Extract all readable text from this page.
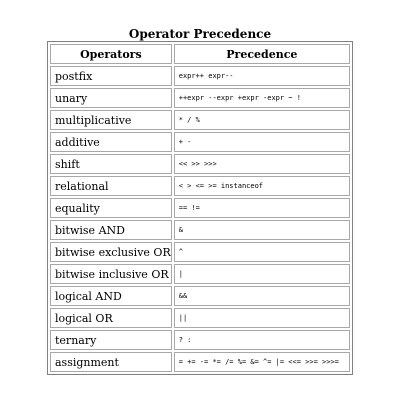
Operator Precedence
Operators	Precedence
postfix	expr++ expr--
unary	++expr --expr +expr -expr ~ !
multiplicative	* / %
additive	+ -
shift	<< >> >>>
relational	< > <= >= instanceof
equality	== !=
bitwise AND	&
bitwise exclusive OR	^
bitwise inclusive OR	|
logical AND	&&
logical OR	||
ternary	? :
assignment	= += -= *= /= %= &= ^= |= <<= >>= >>>=
